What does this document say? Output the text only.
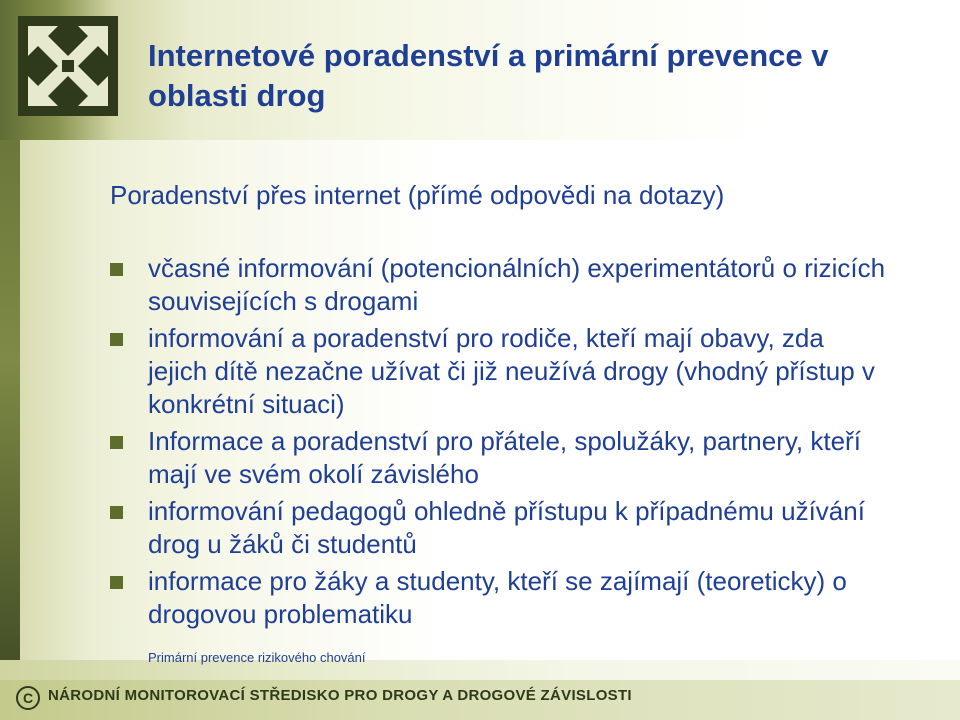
Internetové poradenství a primární prevence v oblasti drog
Poradenství přes internet (přímé odpovědi na dotazy)
včasné informování (potencionálních) experimentátorů o rizicích souvisejících s drogami
informování a poradenství pro rodiče, kteří mají obavy, zda jejich dítě nezačne užívat či již neužívá drogy (vhodný přístup v konkrétní situaci)
Informace a poradenství pro přátele, spolužáky, partnery, kteří mají ve svém okolí závislého
informování pedagogů ohledně přístupu k případnému užívání drog u žáků či studentů
informace pro žáky a studenty, kteří se zajímají (teoreticky) o drogovou problematiku
Primární prevence rizikového chování
C NÁRODNÍ MONITOROVACÍ STŘEDISKO PRO DROGY A DROGOVÉ ZÁVISLOSTI
